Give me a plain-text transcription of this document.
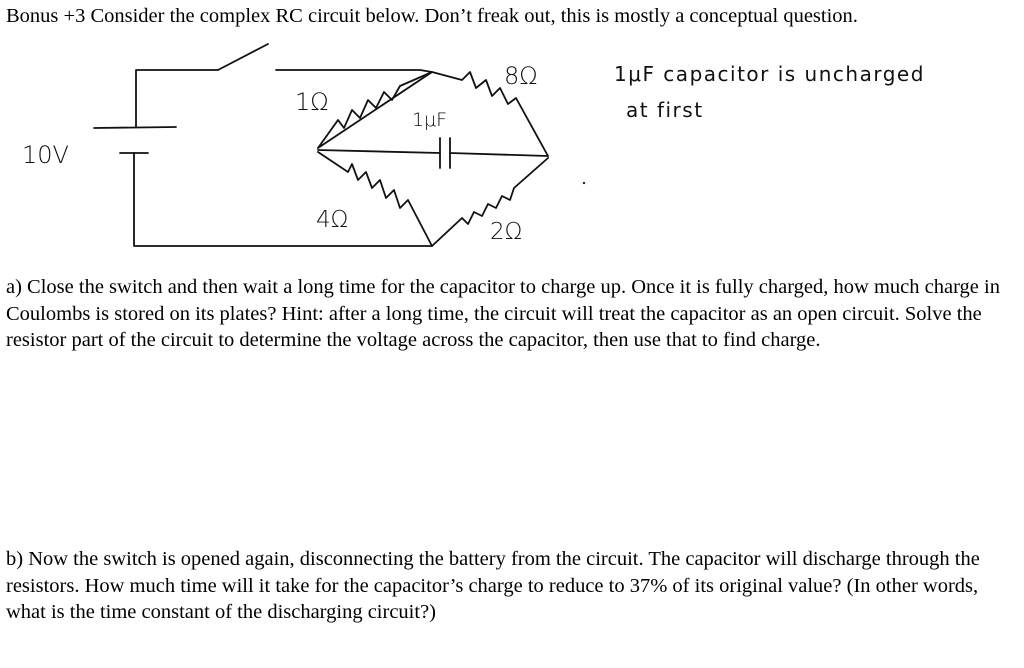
Bonus +3 Consider the complex RC circuit below. Don’t freak out, this is mostly a conceptual question.
10V
1Ω
8Ω
1μF
4Ω	2Ω
1μF capacitor is uncharged
at first

a) Close the switch and then wait a long time for the capacitor to charge up. Once it is fully charged, how much charge in Coulombs is stored on its plates? Hint: after a long time, the circuit will treat the capacitor as an open circuit. Solve the resistor part of the circuit to determine the voltage across the capacitor, then use that to find charge.

b) Now the switch is opened again, disconnecting the battery from the circuit. The capacitor will discharge through the resistors. How much time will it take for the capacitor’s charge to reduce to 37% of its original value? (In other words, what is the time constant of the discharging circuit?)
